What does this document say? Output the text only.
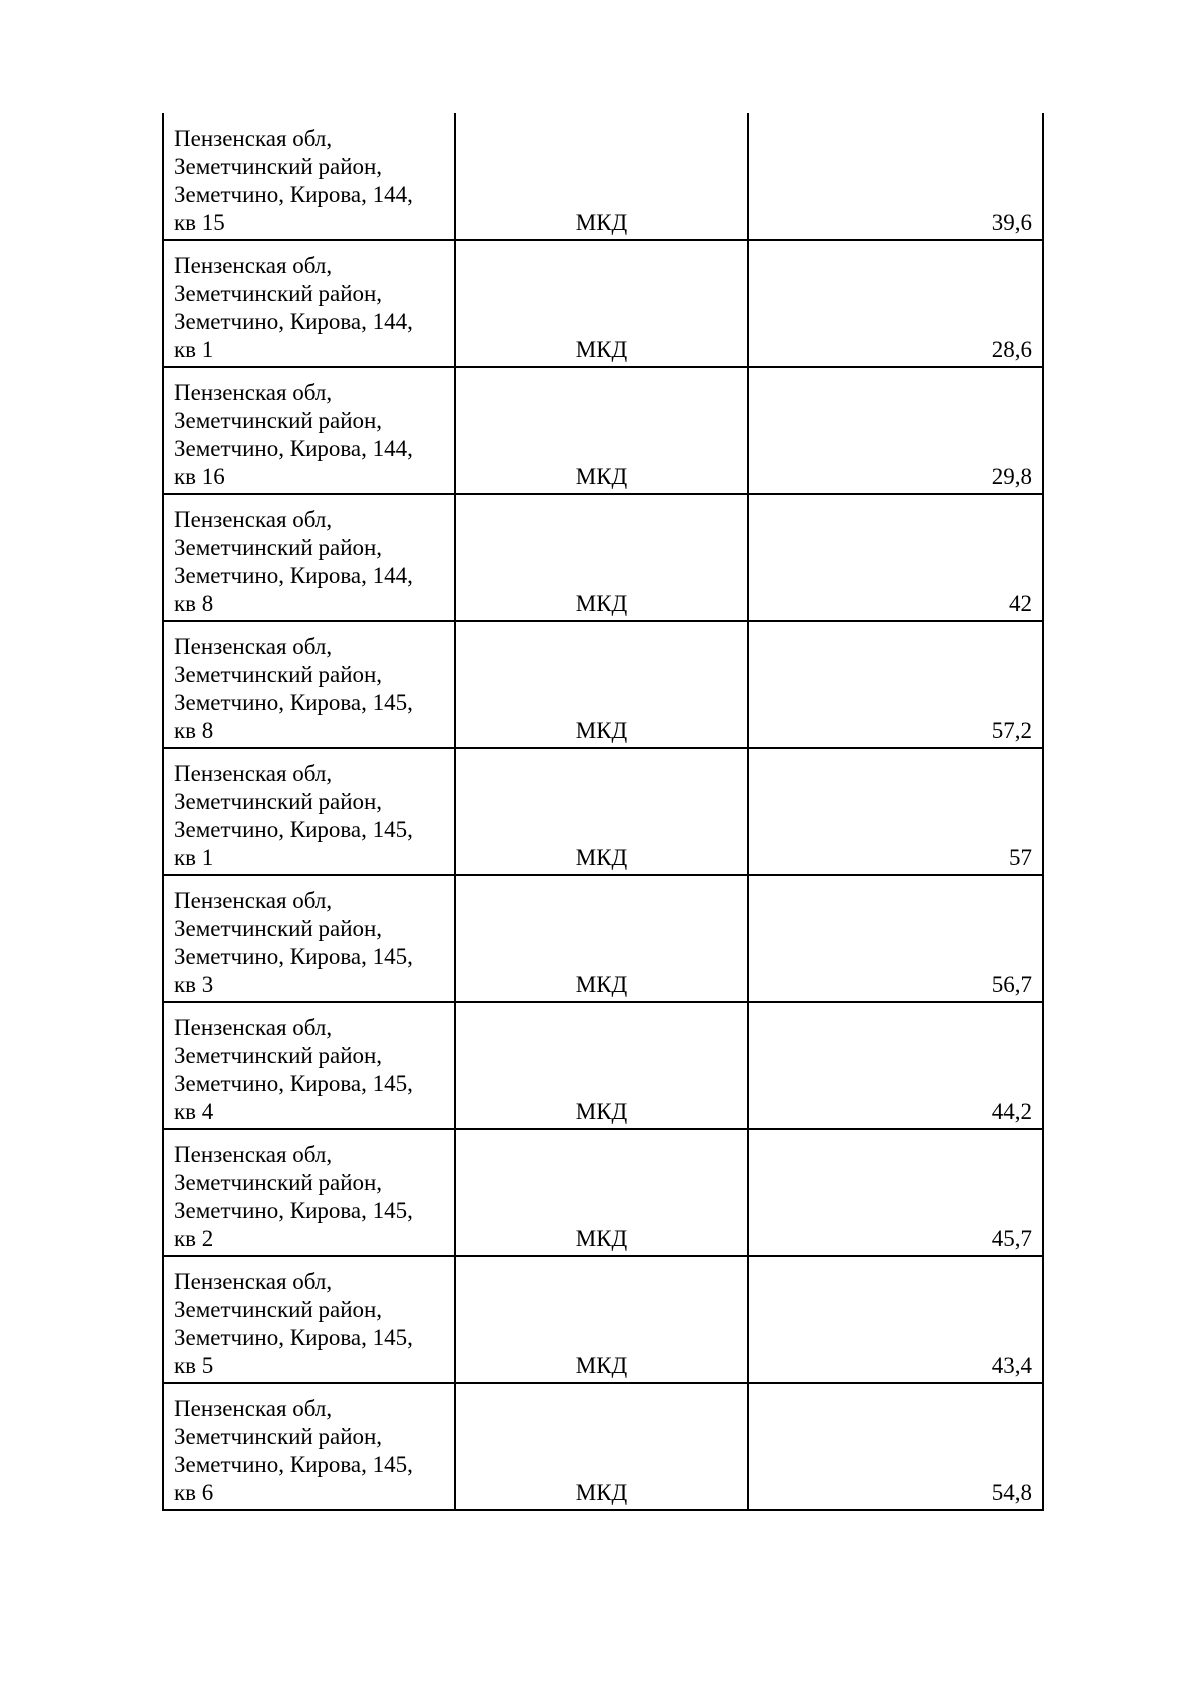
Пензенская обл,
Земетчинский район,
Земетчино, Кирова, 144,
кв 15	МКД	39,6

Пензенская обл,
Земетчинский район,
Земетчино, Кирова, 144,
кв 1	МКД	28,6

Пензенская обл,
Земетчинский район,
Земетчино, Кирова, 144,
кв 16	МКД	29,8

Пензенская обл,
Земетчинский район,
Земетчино, Кирова, 144,
кв 8	МКД	42

Пензенская обл,
Земетчинский район,
Земетчино, Кирова, 145,
кв 8	МКД	57,2

Пензенская обл,
Земетчинский район,
Земетчино, Кирова, 145,
кв 1	МКД	57

Пензенская обл,
Земетчинский район,
Земетчино, Кирова, 145,
кв 3	МКД	56,7

Пензенская обл,
Земетчинский район,
Земетчино, Кирова, 145,
кв 4	МКД	44,2

Пензенская обл,
Земетчинский район,
Земетчино, Кирова, 145,
кв 2	МКД	45,7

Пензенская обл,
Земетчинский район,
Земетчино, Кирова, 145,
кв 5	МКД	43,4

Пензенская обл,
Земетчинский район,
Земетчино, Кирова, 145,
кв 6	МКД	54,8
